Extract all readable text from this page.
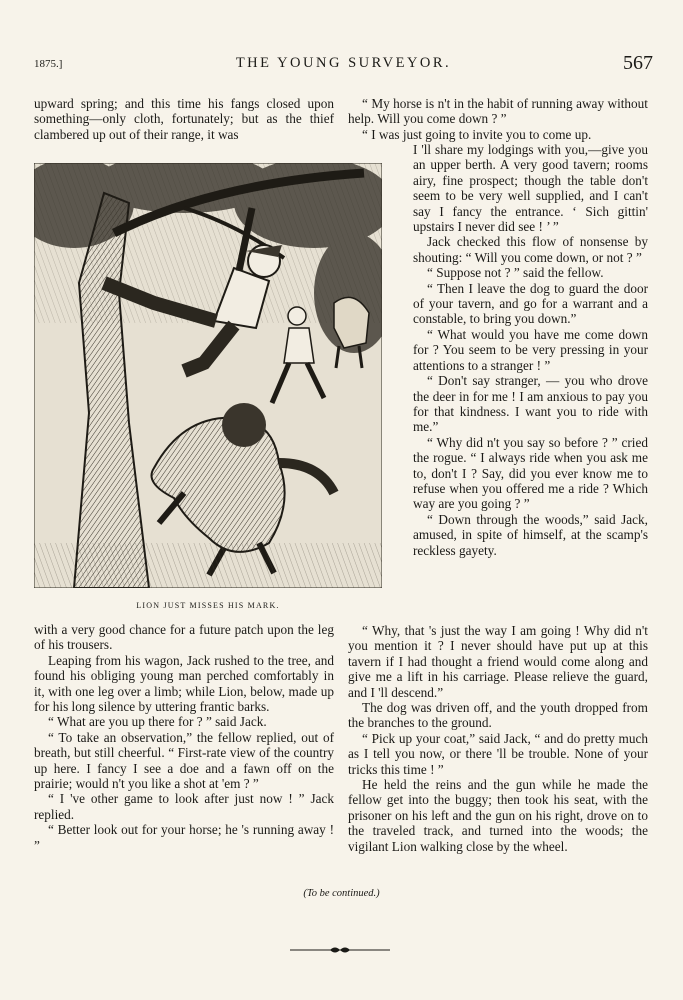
1875.]	THE YOUNG SURVEYOR.	567

upward spring; and this time his fangs closed upon something—only cloth, fortunately; but as the thief clambered up out of their range, it was

LION JUST MISSES HIS MARK.

with a very good chance for a future patch upon the leg of his trousers.

Leaping from his wagon, Jack rushed to the tree, and found his obliging young man perched comfortably in it, with one leg over a limb; while Lion, below, made up for his long silence by uttering frantic barks.

“ What are you up there for ? ” said Jack.

“ To take an observation,” the fellow replied, out of breath, but still cheerful. “ First-rate view of the country up here. I fancy I see a doe and a fawn off on the prairie; would n't you like a shot at 'em ? ”

“ I 've other game to look after just now ! ” Jack replied.

“ Better look out for your horse; he 's running away ! ”

“ My horse is n't in the habit of running away without help. Will you come down ? ”

“ I was just going to invite you to come up.

I 'll share my lodgings with you,—give you an upper berth. A very good tavern; rooms airy, fine prospect; though the table don't seem to be very well supplied, and I can't say I fancy the entrance. ‘ Sich gittin' upstairs I never did see ! ’ ”

Jack checked this flow of nonsense by shouting: “ Will you come down, or not ? ”

“ Suppose not ? ” said the fellow.

“ Then I leave the dog to guard the door of your tavern, and go for a warrant and a constable, to bring you down.”

“ What would you have me come down for ? You seem to be very pressing in your attentions to a stranger ! ”

“ Don't say stranger, — you who drove the deer in for me ! I am anxious to pay you for that kindness. I want you to ride with me.”

“ Why did n't you say so before ? ” cried the rogue. “ I always ride when you ask me to, don't I ? Say, did you ever know me to refuse when you offered me a ride ? Which way are you going ? ”

“ Down through the woods,” said Jack, amused, in spite of himself, at the scamp's reckless gayety.

“ Why, that 's just the way I am going ! Why did n't you mention it ? I never should have put up at this tavern if I had thought a friend would come along and give me a lift in his carriage. Please relieve the guard, and I 'll descend.”

The dog was driven off, and the youth dropped from the branches to the ground.

“ Pick up your coat,” said Jack, “ and do pretty much as I tell you now, or there 'll be trouble. None of your tricks this time ! ”

He held the reins and the gun while he made the fellow get into the buggy; then took his seat, with the prisoner on his left and the gun on his right, drove on to the traveled track, and turned into the woods; the vigilant Lion walking close by the wheel.

(To be continued.)
